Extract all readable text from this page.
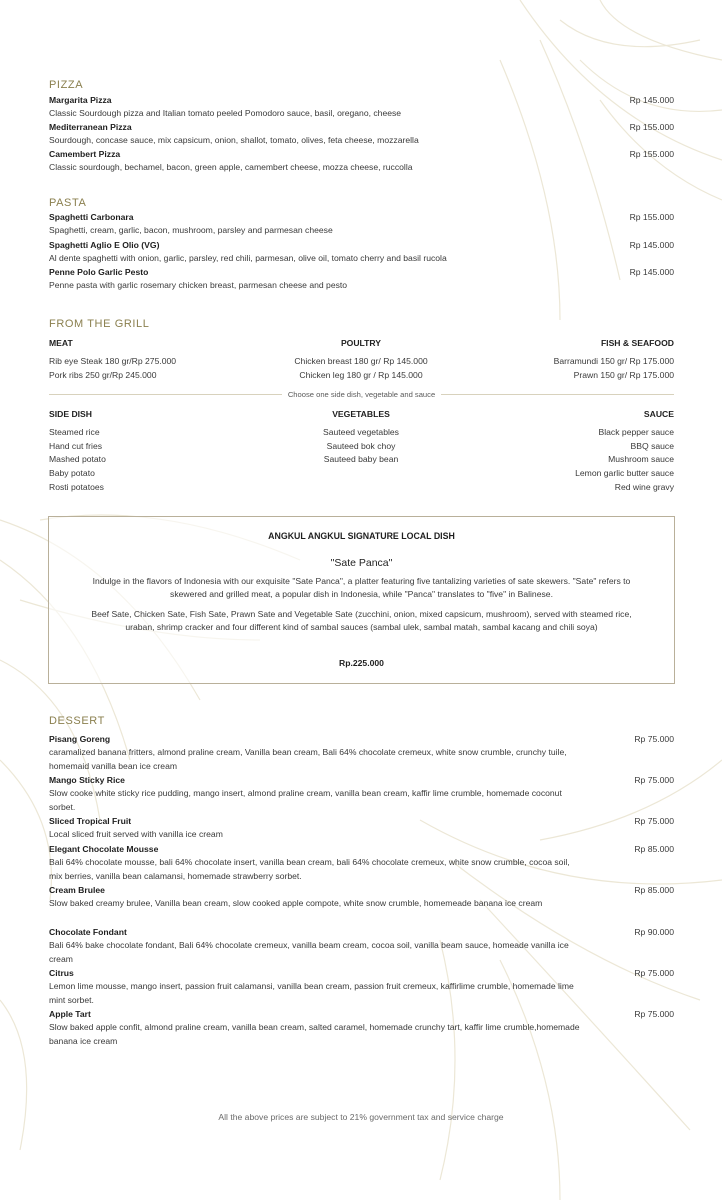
PIZZA
Margarita Pizza
Classic Sourdough pizza and Italian tomato peeled Pomodoro sauce, basil, oregano, cheese
Rp 145.000
Mediterranean Pizza
Sourdough, concase sauce, mix capsicum, onion, shallot, tomato, olives, feta cheese, mozzarella
Rp 155.000
Camembert Pizza
Classic sourdough, bechamel, bacon, green apple, camembert cheese, mozza cheese, ruccolla
Rp 155.000
PASTA
Spaghetti Carbonara
Spaghetti, cream, garlic, bacon, mushroom, parsley and parmesan cheese
Rp 155.000
Spaghetti Aglio E Olio (VG)
Al dente spaghetti with onion, garlic, parsley, red chili, parmesan, olive oil, tomato cherry and basil rucola
Rp 145.000
Penne Polo Garlic Pesto
Penne pasta with garlic rosemary chicken breast, parmesan cheese and pesto
Rp 145.000
FROM THE GRILL
MEAT
Rib eye Steak 180 gr/Rp 275.000
Pork ribs 250 gr/Rp 245.000
POULTRY
Chicken breast 180 gr/ Rp 145.000
Chicken leg 180 gr / Rp 145.000
FISH & SEAFOOD
Barramundi 150 gr/ Rp 175.000
Prawn 150 gr/ Rp 175.000
Choose one side dish, vegetable and sauce
SIDE DISH
Steamed rice
Hand cut fries
Mashed potato
Baby potato
Rosti potatoes
VEGETABLES
Sauteed vegetables
Sauteed bok choy
Sauteed baby bean
SAUCE
Black pepper sauce
BBQ sauce
Mushroom sauce
Lemon garlic butter sauce
Red wine gravy
ANGKUL ANGKUL SIGNATURE LOCAL DISH
"Sate Panca"
Indulge in the flavors of Indonesia with our exquisite "Sate Panca", a platter featuring five tantalizing varieties of sate skewers. "Sate" refers to skewered and grilled meat, a popular dish in Indonesia, while "Panca" translates to "five" in Balinese.
Beef Sate, Chicken Sate, Fish Sate, Prawn Sate and Vegetable Sate (zucchini, onion, mixed capsicum, mushroom), served with steamed rice, uraban, shrimp cracker and four different kind of sambal sauces (sambal ulek, sambal matah, sambal kacang and chili soya)
Rp.225.000
DESSERT
Pisang Goreng
caramalized banana fritters, almond praline cream, Vanilla bean cream, Bali 64% chocolate cremeux, white snow crumble, crunchy tuile, homemaid vanilla bean ice cream
Rp 75.000
Mango Sticky Rice
Slow cooke white sticky rice pudding, mango insert, almond praline cream, vanilla bean cream, kaffir lime crumble, homemade coconut sorbet.
Rp 75.000
Sliced Tropical Fruit
Local sliced fruit served with vanilla ice cream
Rp 75.000
Elegant Chocolate Mousse
Bali 64% chocolate mousse, bali 64% chocolate insert, vanilla bean cream, bali 64% chocolate cremeux, white snow crumble, cocoa soil, mix berries, vanilla bean calamansi, homemade strawberry sorbet.
Rp 85.000
Cream Brulee
Slow baked creamy brulee, Vanilla bean cream, slow cooked apple compote, white snow crumble, homemeade banana ice cream
Rp 85.000
Chocolate Fondant
Bali 64% bake chocolate fondant, Bali 64% chocolate cremeux, vanilla beam cream, cocoa soil, vanilla beam sauce, homeade vanilla ice cream
Rp 90.000
Citrus
Lemon lime mousse, mango insert, passion fruit calamansi, vanilla bean cream, passion fruit cremeux, kaffirlime crumble, homemade lime mint sorbet.
Rp 75.000
Apple Tart
Slow baked apple confit, almond praline cream, vanilla bean cream, salted caramel, homemade crunchy tart, kaffir lime crumble,homemade banana ice cream
Rp 75.000
All the above prices are subject to 21% government tax and service charge
